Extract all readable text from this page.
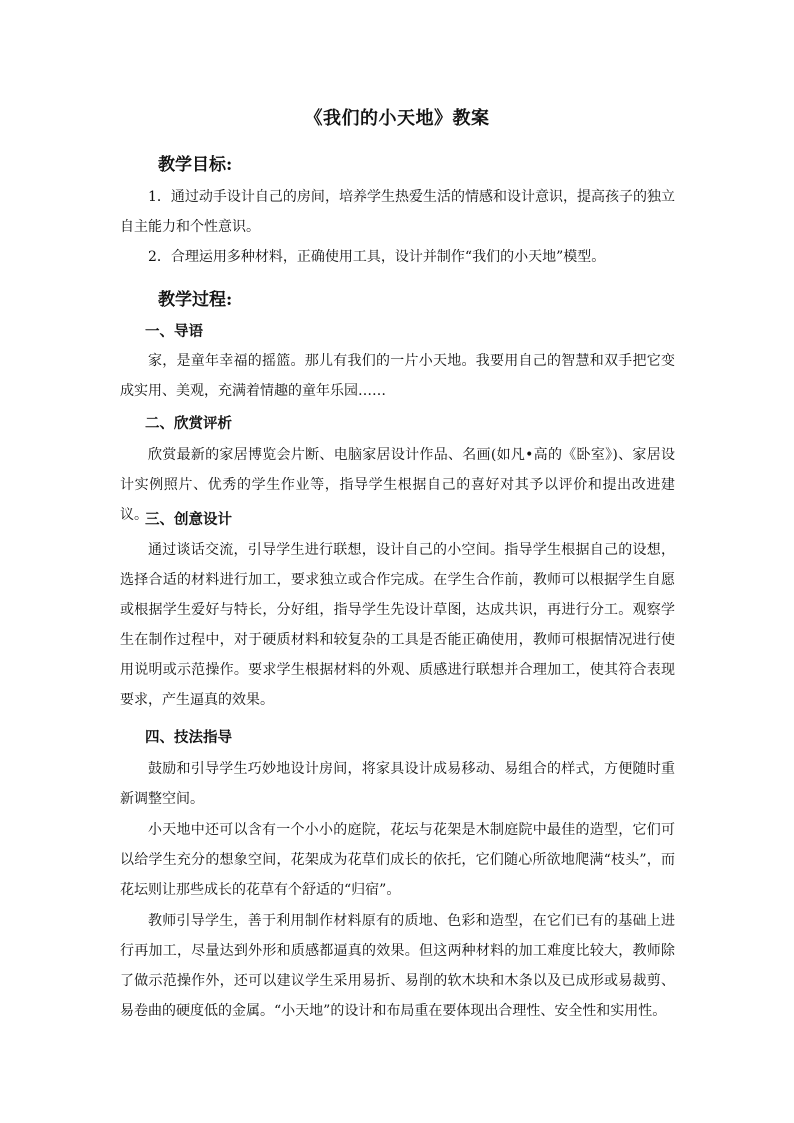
《我们的小天地》教案
教学目标:

1．通过动手设计自己的房间，培养学生热爱生活的情感和设计意识，提高孩子的独立自主能力和个性意识。

2．合理运用多种材料，正确使用工具，设计并制作“我们的小天地”模型。

教学过程:
一、导语

家，是童年幸福的摇篮。那儿有我们的一片小天地。我要用自己的智慧和双手把它变成实用、美观，充满着情趣的童年乐园……

二、欣赏评析

欣赏最新的家居博览会片断、电脑家居设计作品、名画(如凡•高的《卧室》)、家居设计实例照片、优秀的学生作业等，指导学生根据自己的喜好对其予以评价和提出改进建议。

三、创意设计

通过谈话交流，引导学生进行联想，设计自己的小空间。指导学生根据自己的设想，选择合适的材料进行加工，要求独立或合作完成。在学生合作前，教师可以根据学生自愿或根据学生爱好与特长，分好组，指导学生先设计草图，达成共识，再进行分工。观察学生在制作过程中，对于硬质材料和较复杂的工具是否能正确使用，教师可根据情况进行使用说明或示范操作。要求学生根据材料的外观、质感进行联想并合理加工，使其符合表现要求，产生逼真的效果。

四、技法指导

鼓励和引导学生巧妙地设计房间，将家具设计成易移动、易组合的样式，方便随时重新调整空间。

小天地中还可以含有一个小小的庭院，花坛与花架是木制庭院中最佳的造型，它们可以给学生充分的想象空间，花架成为花草们成长的依托，它们随心所欲地爬满“枝头”，而花坛则让那些成长的花草有个舒适的“归宿”。

教师引导学生，善于利用制作材料原有的质地、色彩和造型，在它们已有的基础上进行再加工，尽量达到外形和质感都逼真的效果。但这两种材料的加工难度比较大，教师除了做示范操作外，还可以建议学生采用易折、易削的软木块和木条以及已成形或易裁剪、易卷曲的硬度低的金属。“小天地”的设计和布局重在要体现出合理性、安全性和实用性。
